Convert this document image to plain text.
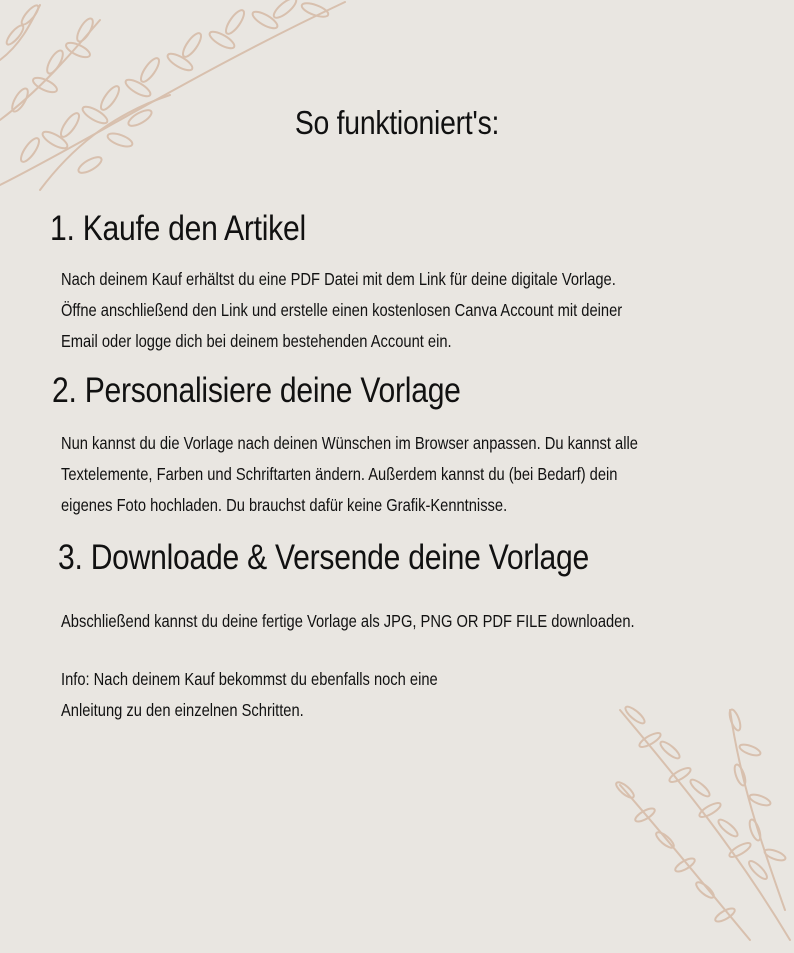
So funktioniert's:
1. Kaufe den Artikel
Nach deinem Kauf erhältst du eine PDF Datei mit dem Link für deine digitale Vorlage.
Öffne anschließend den Link und erstelle einen kostenlosen Canva Account mit deiner
Email oder logge dich bei deinem bestehenden Account ein.
2. Personalisiere deine Vorlage
Nun kannst du die Vorlage nach deinen Wünschen im Browser anpassen. Du kannst alle
Textelemente, Farben und Schriftarten ändern. Außerdem kannst du (bei Bedarf) dein
eigenes Foto hochladen. Du brauchst dafür keine Grafik-Kenntnisse.
3. Downloade & Versende deine Vorlage
Abschließend kannst du deine fertige Vorlage als JPG, PNG OR PDF FILE downloaden.
Info: Nach deinem Kauf bekommst du ebenfalls noch eine
Anleitung zu den einzelnen Schritten.
